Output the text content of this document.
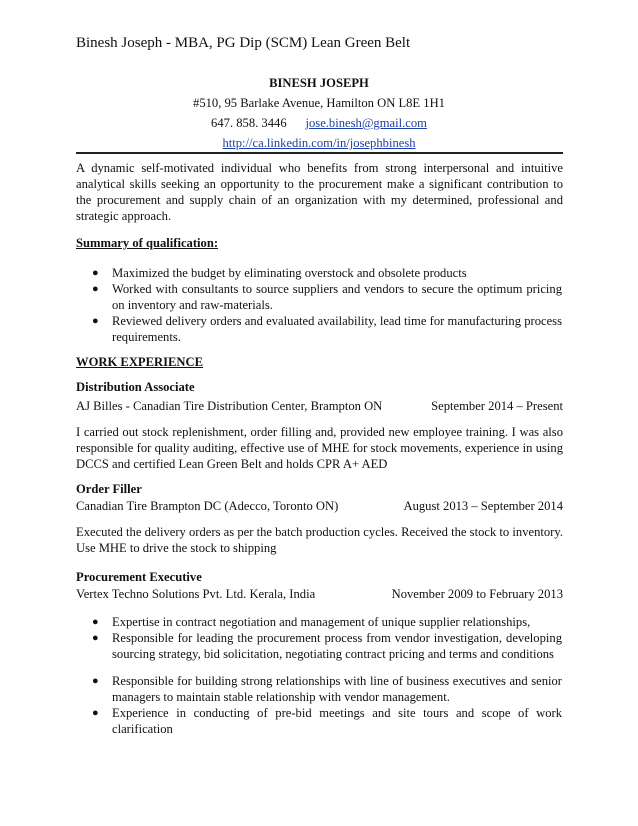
Binesh Joseph - MBA, PG Dip (SCM) Lean Green Belt
BINESH JOSEPH
#510, 95 Barlake Avenue, Hamilton ON L8E 1H1
647. 858. 3446 jose.binesh@gmail.com
http://ca.linkedin.com/in/josephbinesh
A dynamic self-motivated individual who benefits from strong interpersonal and intuitive analytical skills seeking an opportunity to the procurement make a significant contribution to the procurement and supply chain of an organization with my determined, professional and strategic approach.
Summary of qualification:
● Maximized the budget by eliminating overstock and obsolete products
● Worked with consultants to source suppliers and vendors to secure the optimum pricing on inventory and raw-materials.
● Reviewed delivery orders and evaluated availability, lead time for manufacturing process requirements.
WORK EXPERIENCE
Distribution Associate
AJ Billes - Canadian Tire Distribution Center, Brampton ON	September 2014 – Present
I carried out stock replenishment, order filling and, provided new employee training. I was also responsible for quality auditing, effective use of MHE for stock movements, experience in using DCCS and certified Lean Green Belt and holds CPR A+ AED
Order Filler
Canadian Tire Brampton DC (Adecco, Toronto ON)	August 2013 – September 2014
Executed the delivery orders as per the batch production cycles. Received the stock to inventory. Use MHE to drive the stock to shipping
Procurement Executive
Vertex Techno Solutions Pvt. Ltd. Kerala, India	November 2009 to February 2013
● Expertise in contract negotiation and management of unique supplier relationships,
● Responsible for leading the procurement process from vendor investigation, developing sourcing strategy, bid solicitation, negotiating contract pricing and terms and conditions
● Responsible for building strong relationships with line of business executives and senior managers to maintain stable relationship with vendor management.
● Experience in conducting of pre-bid meetings and site tours and scope of work clarification
